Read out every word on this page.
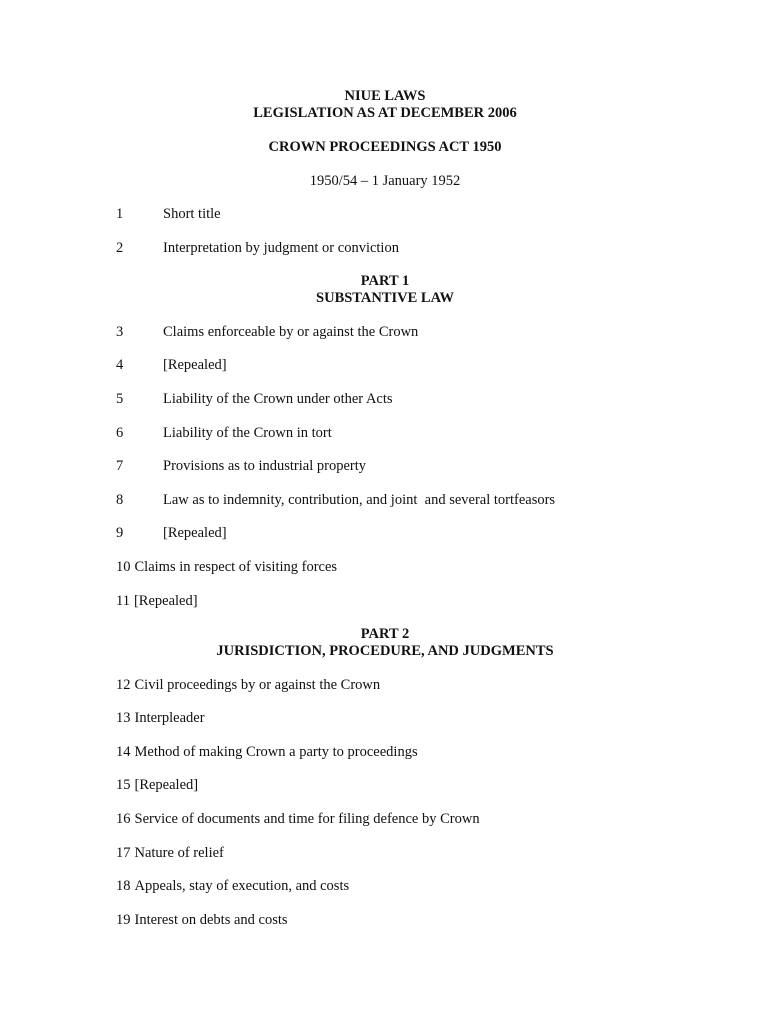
NIUE LAWS
LEGISLATION AS AT DECEMBER 2006
CROWN PROCEEDINGS ACT 1950
1950/54 – 1 January 1952
1	Short title
2	Interpretation by judgment or conviction
PART 1
SUBSTANTIVE LAW
3	Claims enforceable by or against the Crown
4	[Repealed]
5	Liability of the Crown under other Acts
6	Liability of the Crown in tort
7	Provisions as to industrial property
8	Law as to indemnity, contribution, and joint  and several tortfeasors
9	[Repealed]
10 Claims in respect of visiting forces
11 [Repealed]
PART 2
JURISDICTION, PROCEDURE, AND JUDGMENTS
12 Civil proceedings by or against the Crown
13 Interpleader
14 Method of making Crown a party to proceedings
15 [Repealed]
16 Service of documents and time for filing defence by Crown
17 Nature of relief
18 Appeals, stay of execution, and costs
19 Interest on debts and costs
